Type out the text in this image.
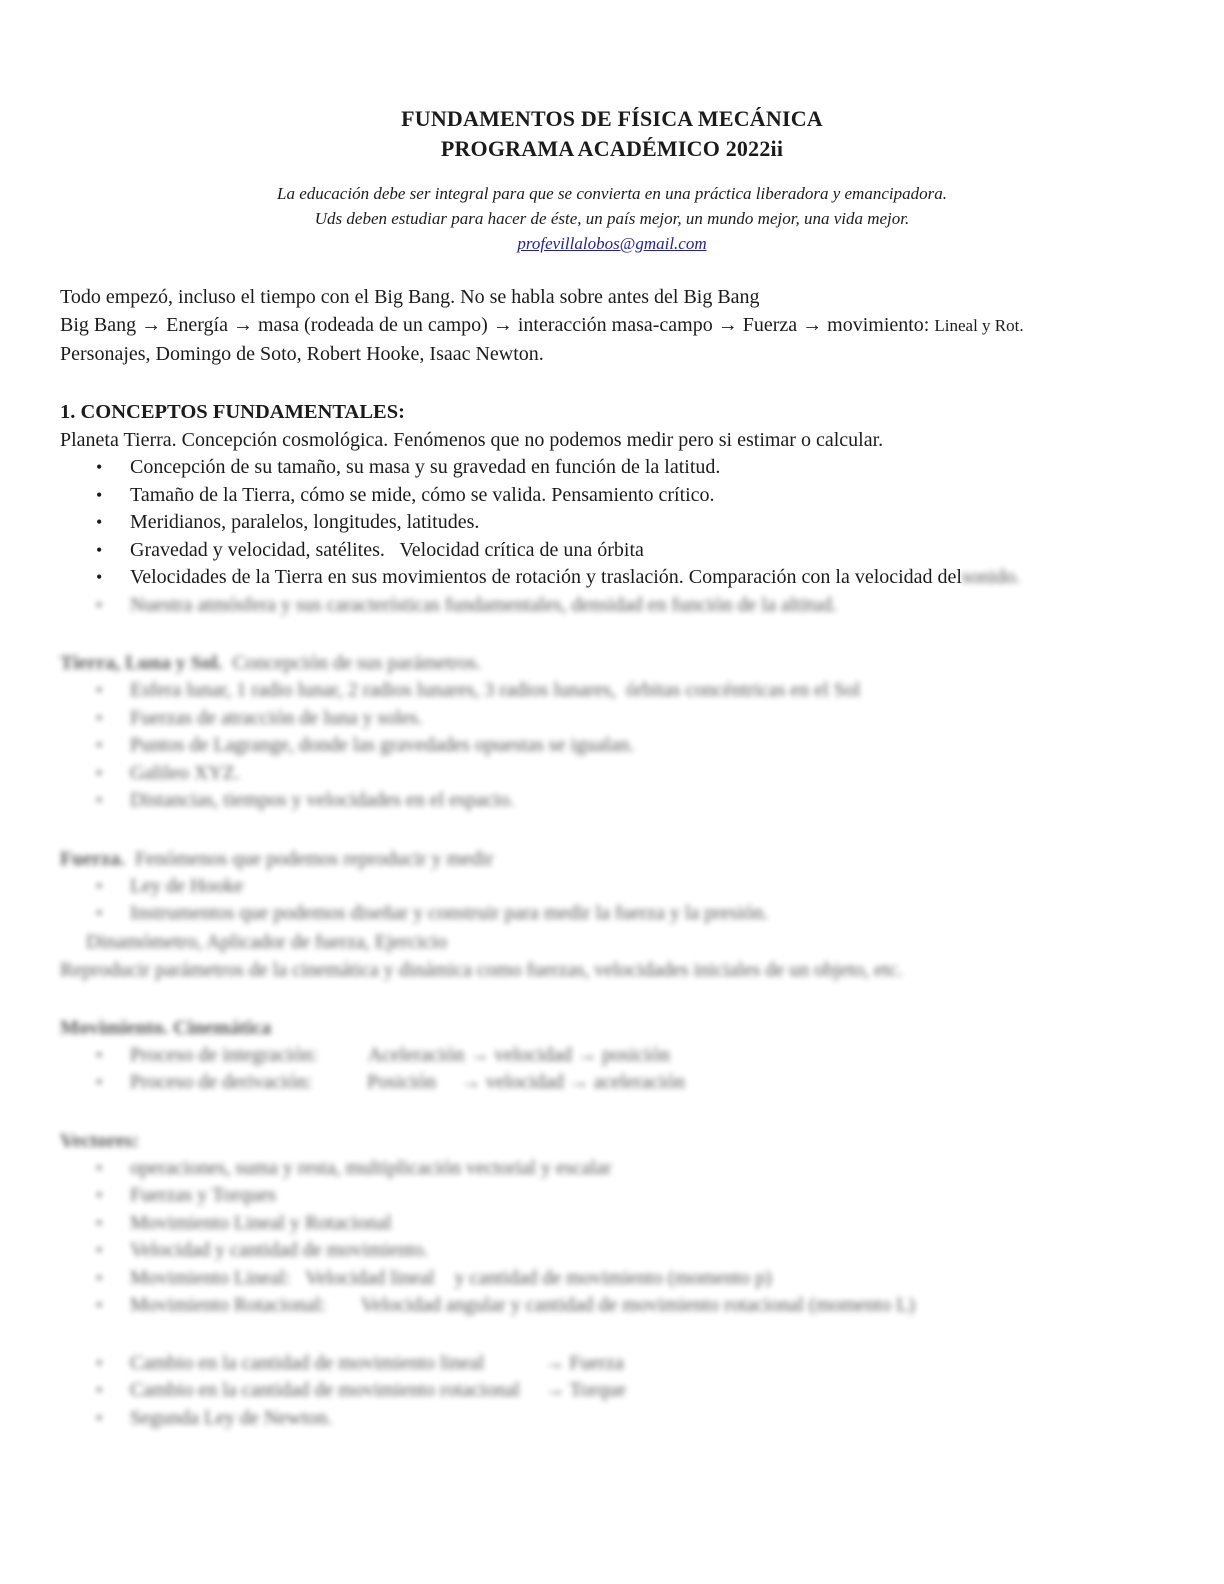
FUNDAMENTOS DE FÍSICA MECÁNICA
PROGRAMA ACADÉMICO 2022ii
La educación debe ser integral para que se convierta en una práctica liberadora y emancipadora.
Uds deben estudiar para hacer de éste, un país mejor, un mundo mejor, una vida mejor.
profevillalobos@gmail.com
Todo empezó, incluso el tiempo con el Big Bang. No se habla sobre antes del Big Bang
Big Bang → Energía → masa (rodeada de un campo) → interacción masa-campo → Fuerza → movimiento: Lineal y Rot.
Personajes, Domingo de Soto, Robert Hooke, Isaac Newton.
1. CONCEPTOS FUNDAMENTALES:
Planeta Tierra. Concepción cosmológica. Fenómenos que no podemos medir pero si estimar o calcular.
• Concepción de su tamaño, su masa y su gravedad en función de la latitud.
• Tamaño de la Tierra, cómo se mide, cómo se valida. Pensamiento crítico.
• Meridianos, paralelos, longitudes, latitudes.
• Gravedad y velocidad, satélites.   Velocidad crítica de una órbita
• Velocidades de la Tierra en sus movimientos de rotación y traslación. Comparación con la velocidad delsonido.
• Nuestra atmósfera y sus características fundamentales, densidad en función de la altitud.
Tierra, Luna y Sol.  Concepción de sus parámetros.
• Esfera lunar, 1 radio lunar, 2 radios lunares, 3 radios lunares,  órbitas concéntricas en el Sol
• Fuerzas de atracción de luna y soles.
• Puntos de Lagrange, donde las gravedades opuestas se igualan.
• Galileo XYZ.
• Distancias, tiempos y velocidades en el espacio.
Fuerza.  Fenómenos que podemos reproducir y medir
• Ley de Hooke
• Instrumentos que podemos diseñar y construir para medir la fuerza y la presión.
Dinamómetro, Aplicador de fuerza, Ejercicio
Reproducir parámetros de la cinemática y dinámica como fuerzas, velocidades iniciales de un objeto, etc.
Movimiento. Cinemática
• Proceso de integración:          Aceleración → velocidad → posición
• Proceso de derivación:           Posición     → velocidad → aceleración
Vectores:
• operaciones, suma y resta, multiplicación vectorial y escalar
• Fuerzas y Torques
• Movimiento Lineal y Rotacional
• Velocidad y cantidad de movimiento.
• Movimiento Lineal:   Velocidad lineal    y cantidad de movimiento (momento p)
• Movimiento Rotacional:       Velocidad angular y cantidad de movimiento rotacional (momento L)
• Cambio en la cantidad de movimiento lineal            → Fuerza
• Cambio en la cantidad de movimiento rotacional     → Torque
• Segunda Ley de Newton.
